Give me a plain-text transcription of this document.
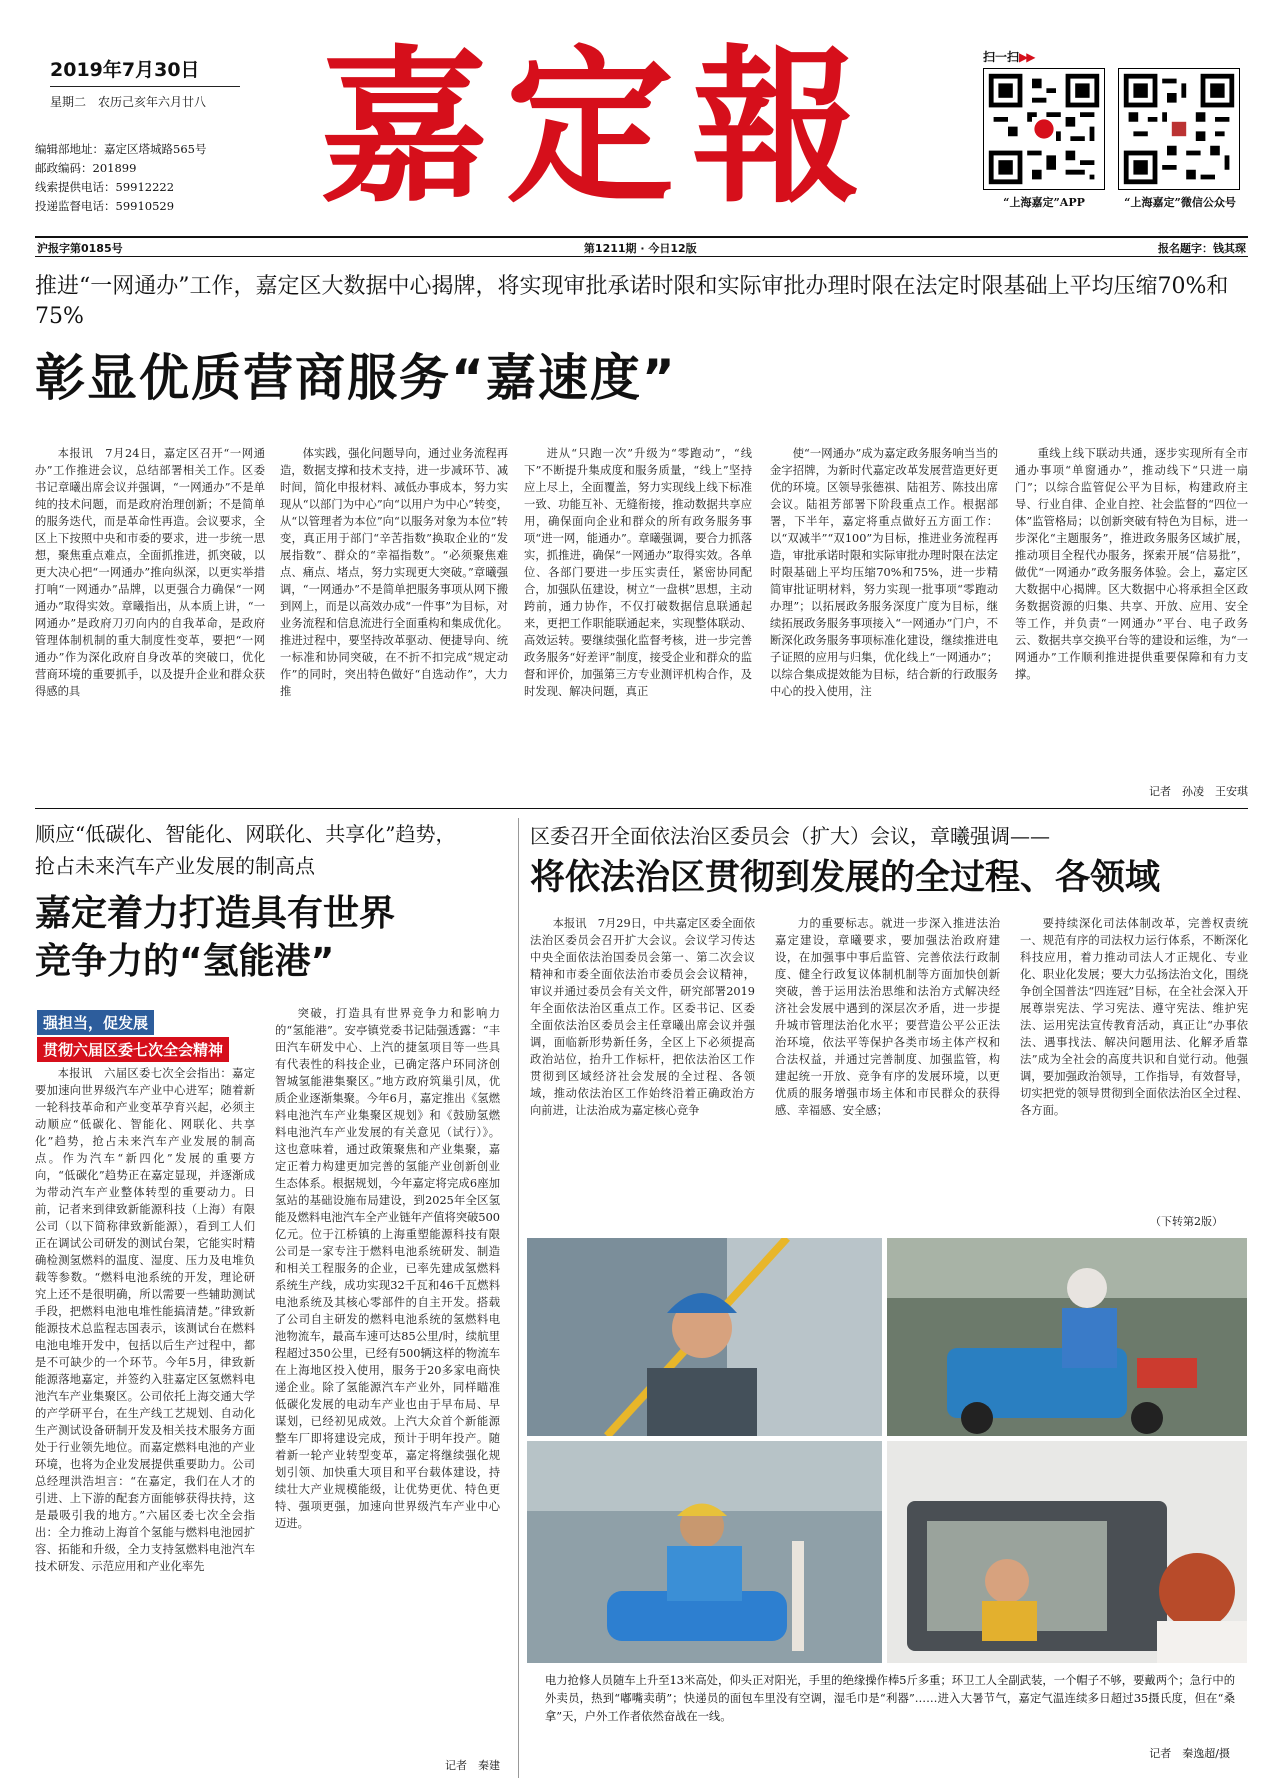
2019年7月30日
星期二　农历己亥年六月廿八
编辑部地址：嘉定区塔城路565号
邮政编码：201899
线索提供电话：59912222
投递监督电话：59910529 嘉定報	扫一扫▶▶
“上海嘉定”APP	“上海嘉定”微信公众号
沪报字第0185号	第1211期 · 今日12版	报名题字：钱其琛
推进“一网通办”工作，嘉定区大数据中心揭牌，将实现审批承诺时限和实际审批办理时限在法定时限基础上平均压缩70%和75%
彰显优质营商服务“嘉速度”

本报讯　7月24日，嘉定区召开“一网通办”工作推进会议，总结部署相关工作。区委书记章曦出席会议并强调，“一网通办”不是单纯的技术问题，而是政府治理创新；不是简单的服务迭代，而是革命性再造。会议要求，全区上下按照中央和市委的要求，进一步统一思想，聚焦重点难点，全面抓推进，抓突破，以更大决心把“一网通办”推向纵深，以更实举措打响“一网通办”品牌，以更强合力确保“一网通办”取得实效。章曦指出，从本质上讲，“一网通办”是政府刀刃向内的自我革命，是政府管理体制机制的重大制度性变革，要把“一网通办”作为深化政府自身改革的突破口，优化营商环境的重要抓手，以及提升企业和群众获得感的具

体实践，强化问题导向，通过业务流程再造，数据支撑和技术支持，进一步减环节、减时间，简化申报材料、减低办事成本，努力实现从“以部门为中心”向“以用户为中心”转变，从“以管理者为本位”向“以服务对象为本位”转变，真正用于部门“辛苦指数”换取企业的“发展指数”、群众的“幸福指数”。“必须聚焦难点、痛点、堵点，努力实现更大突破。”章曦强调，“一网通办”不是简单把服务事项从网下搬到网上，而是以高效办成“一件事”为目标，对业务流程和信息流进行全面重构和集成优化。推进过程中，要坚持改革驱动、便捷导向、统一标准和协同突破，在不折不扣完成“规定动作”的同时，突出特色做好“自选动作”，大力推

进从“只跑一次”升级为“零跑动”，“线下”不断提升集成度和服务质量，“线上”坚持应上尽上，全面覆盖，努力实现线上线下标准一致、功能互补、无缝衔接，推动数据共享应用，确保面向企业和群众的所有政务服务事项“进一网，能通办”。章曦强调，要合力抓落实，抓推进，确保“一网通办”取得实效。各单位、各部门要进一步压实责任，紧密协同配合，加强队伍建设，树立“一盘棋”思想，主动跨前，通力协作，不仅打破数据信息联通起来，更把工作职能联通起来，实现整体联动、高效运转。要继续强化监督考核，进一步完善政务服务“好差评”制度，接受企业和群众的监督和评价，加强第三方专业测评机构合作，及时发现、解决问题，真正

使“一网通办”成为嘉定政务服务响当当的金字招牌，为新时代嘉定改革发展营造更好更优的环境。区领导张德祺、陆祖芳、陈技出席会议。陆祖芳部署下阶段重点工作。根据部署，下半年，嘉定将重点做好五方面工作：以“双减半”“双100”为目标，推进业务流程再造，审批承诺时限和实际审批办理时限在法定时限基础上平均压缩70%和75%，进一步精简审批证明材料，努力实现一批事项“零跑动办理”；以拓展政务服务深度广度为目标，继续拓展政务服务事项接入“一网通办”门户，不断深化政务服务事项标准化建设，继续推进电子证照的应用与归集，优化线上“一网通办”；以综合集成提效能为目标，结合新的行政服务中心的投入使用，注

重线上线下联动共通，逐步实现所有全市通办事项“单窗通办”，推动线下“只进一扇门”；以综合监管促公平为目标，构建政府主导、行业自律、企业自控、社会监督的“四位一体”监管格局；以创新突破有特色为目标，进一步深化“主题服务”，推进政务服务区域扩展，推动项目全程代办服务，探索开展“信易批”，做优“一网通办”政务服务体验。会上，嘉定区大数据中心揭牌。区大数据中心将承担全区政务数据资源的归集、共享、开放、应用、安全等工作，并负责“一网通办”平台、电子政务云、数据共享交换平台等的建设和运维，为“一网通办”工作顺利推进提供重要保障和有力支撑。

记者　孙凌　王安琪
顺应“低碳化、智能化、网联化、共享化”趋势，
抢占未来汽车产业发展的制高点
嘉定着力打造具有世界
竞争力的“氢能港”
强担当，促发展
贯彻六届区委七次全会精神

本报讯　六届区委七次全会指出：嘉定要加速向世界级汽车产业中心进军；随着新一轮科技革命和产业变革孕育兴起，必须主动顺应“低碳化、智能化、网联化、共享化”趋势，抢占未来汽车产业发展的制高点。作为汽车“新四化”发展的重要方向，“低碳化”趋势正在嘉定显现，并逐渐成为带动汽车产业整体转型的重要动力。日前，记者来到律致新能源科技（上海）有限公司（以下简称律致新能源），看到工人们正在调试公司研发的测试台架，它能实时精确检测氢燃料的温度、湿度、压力及电堆负载等参数。“燃料电池系统的开发，理论研究上还不是很明确，所以需要一些辅助测试手段，把燃料电池电堆性能搞清楚。”律致新能源技术总监程志国表示，该测试台在燃料电池电堆开发中，包括以后生产过程中，都是不可缺少的一个环节。今年5月，律致新能源落地嘉定，并签约入驻嘉定区氢燃料电池汽车产业集聚区。公司依托上海交通大学的产学研平台，在生产线工艺规划、自动化生产测试设备研制开发及相关技术服务方面处于行业领先地位。而嘉定燃料电池的产业环境，也将为企业发展提供重要助力。公司总经理洪浩坦言：“在嘉定，我们在人才的引进、上下游的配套方面能够获得扶持，这是最吸引我的地方。”六届区委七次全会指出：全力推动上海首个氢能与燃料电池园扩容、拓能和升级，全力支持氢燃料电池汽车技术研发、示范应用和产业化率先

突破，打造具有世界竞争力和影响力的“氢能港”。安亭镇党委书记陆强透露：“丰田汽车研发中心、上汽的捷氢项目等一些具有代表性的科技企业，已确定落户环同济创智城氢能港集聚区。”地方政府筑巢引凤，优质企业逐渐集聚。今年6月，嘉定推出《氢燃料电池汽车产业集聚区规划》和《鼓励氢燃料电池汽车产业发展的有关意见（试行）》。这也意味着，通过政策聚焦和产业集聚，嘉定正着力构建更加完善的氢能产业创新创业生态体系。根据规划，今年嘉定将完成6座加氢站的基础设施布局建设，到2025年全区氢能及燃料电池汽车全产业链年产值将突破500亿元。位于江桥镇的上海重塑能源科技有限公司是一家专注于燃料电池系统研发、制造和相关工程服务的企业，已率先建成氢燃料系统生产线，成功实现32千瓦和46千瓦燃料电池系统及其核心零部件的自主开发。搭载了公司自主研发的燃料电池系统的氢燃料电池物流车，最高车速可达85公里/时，续航里程超过350公里，已经有500辆这样的物流车在上海地区投入使用，服务于20多家电商快递企业。除了氢能源汽车产业外，同样瞄准低碳化发展的电动车产业也由于早布局、早谋划，已经初见成效。上汽大众首个新能源整车厂即将建设完成，预计于明年投产。随着新一轮产业转型变革，嘉定将继续强化规划引领、加快重大项目和平台载体建设，持续壮大产业规模能级，让优势更优、特色更特、强项更强，加速向世界级汽车产业中心迈进。

记者　秦建
区委召开全面依法治区委员会（扩大）会议，章曦强调——
将依法治区贯彻到发展的全过程、各领域

本报讯　7月29日，中共嘉定区委全面依法治区委员会召开扩大会议。会议学习传达中央全面依法治国委员会第一、第二次会议精神和市委全面依法治市委员会会议精神，审议并通过委员会有关文件，研究部署2019年全面依法治区重点工作。区委书记、区委全面依法治区委员会主任章曦出席会议并强调，面临新形势新任务，全区上下必须提高政治站位，抬升工作标杆，把依法治区工作贯彻到区域经济社会发展的全过程、各领域，推动依法治区工作始终沿着正确政治方向前进，让法治成为嘉定核心竞争

力的重要标志。就进一步深入推进法治嘉定建设，章曦要求，要加强法治政府建设，在加强事中事后监管、完善依法行政制度、健全行政复议体制机制等方面加快创新突破，善于运用法治思维和法治方式解决经济社会发展中遇到的深层次矛盾，进一步提升城市管理法治化水平；要营造公平公正法治环境，依法平等保护各类市场主体产权和合法权益，并通过完善制度、加强监管，构建起统一开放、竞争有序的发展环境，以更优质的服务增强市场主体和市民群众的获得感、幸福感、安全感；

要持续深化司法体制改革，完善权责统一、规范有序的司法权力运行体系，不断深化科技应用，着力推动司法人才正规化、专业化、职业化发展；要大力弘扬法治文化，围绕争创全国普法“四连冠”目标，在全社会深入开展尊崇宪法、学习宪法、遵守宪法、维护宪法、运用宪法宣传教育活动，真正让“办事依法、遇事找法、解决问题用法、化解矛盾靠法”成为全社会的高度共识和自觉行动。他强调，要加强政治领导，工作指导，有效督导，切实把党的领导贯彻到全面依法治区全过程、各方面。

（下转第2版）
电力抢修人员随车上升至13米高处，仰头正对阳光，手里的绝缘操作棒5斤多重；环卫工人全副武装，一个帽子不够，要戴两个；急行中的外卖员，热到“嘟嘴卖萌”；快递员的面包车里没有空调，湿毛巾是“利器”……进入大暑节气，嘉定气温连续多日超过35摄氏度，但在“桑拿”天，户外工作者依然奋战在一线。
记者　秦逸超/摄
